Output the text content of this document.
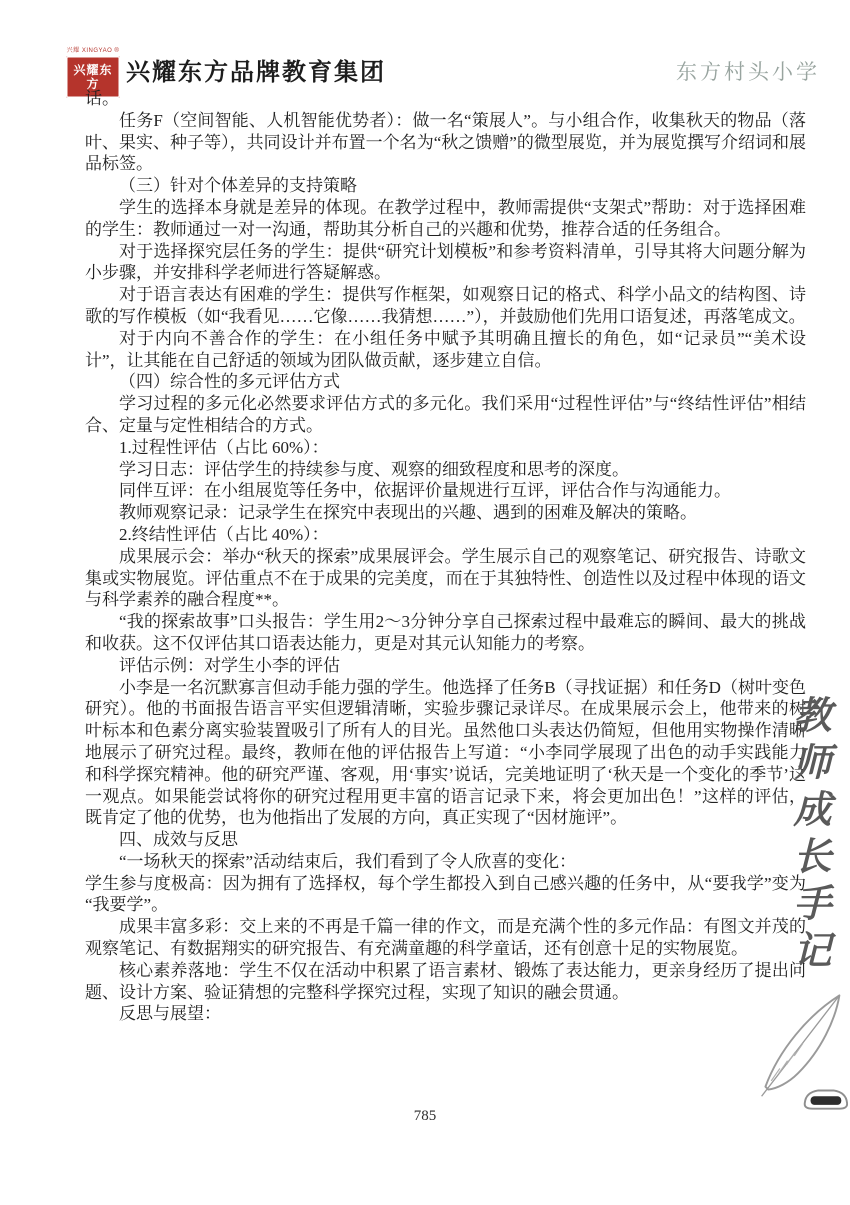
兴耀 XINGYAO ®
兴耀东方	兴耀东方品牌教育集团	东方村头小学

话。

任务F（空间智能、人机智能优势者）：做一名“策展人”。与小组合作，收集秋天的物品（落叶、果实、种子等），共同设计并布置一个名为“秋之馈赠”的微型展览，并为展览撰写介绍词和展品标签。

（三）针对个体差异的支持策略

学生的选择本身就是差异的体现。在教学过程中，教师需提供“支架式”帮助：对于选择困难的学生：教师通过一对一沟通，帮助其分析自己的兴趣和优势，推荐合适的任务组合。

对于选择探究层任务的学生：提供“研究计划模板”和参考资料清单，引导其将大问题分解为小步骤，并安排科学老师进行答疑解惑。

对于语言表达有困难的学生：提供写作框架，如观察日记的格式、科学小品文的结构图、诗歌的写作模板（如“我看见……它像……我猜想……”），并鼓励他们先用口语复述，再落笔成文。

对于内向不善合作的学生：在小组任务中赋予其明确且擅长的角色，如“记录员”“美术设计”，让其能在自己舒适的领域为团队做贡献，逐步建立自信。

（四）综合性的多元评估方式

学习过程的多元化必然要求评估方式的多元化。我们采用“过程性评估”与“终结性评估”相结合、定量与定性相结合的方式。

1.过程性评估（占比 60%）：

学习日志：评估学生的持续参与度、观察的细致程度和思考的深度。

同伴互评：在小组展览等任务中，依据评价量规进行互评，评估合作与沟通能力。

教师观察记录：记录学生在探究中表现出的兴趣、遇到的困难及解决的策略。

2.终结性评估（占比 40%）：

成果展示会：举办“秋天的探索”成果展评会。学生展示自己的观察笔记、研究报告、诗歌文集或实物展览。评估重点不在于成果的完美度，而在于其独特性、创造性以及过程中体现的语文与科学素养的融合程度**。

“我的探索故事”口头报告：学生用2～3分钟分享自己探索过程中最难忘的瞬间、最大的挑战和收获。这不仅评估其口语表达能力，更是对其元认知能力的考察。

评估示例：对学生小李的评估

小李是一名沉默寡言但动手能力强的学生。他选择了任务B（寻找证据）和任务D（树叶变色研究）。他的书面报告语言平实但逻辑清晰，实验步骤记录详尽。在成果展示会上，他带来的树叶标本和色素分离实验装置吸引了所有人的目光。虽然他口头表达仍简短，但他用实物操作清晰地展示了研究过程。最终，教师在他的评估报告上写道：“小李同学展现了出色的动手实践能力和科学探究精神。他的研究严谨、客观，用‘事实’说话，完美地证明了‘秋天是一个变化的季节’这一观点。如果能尝试将你的研究过程用更丰富的语言记录下来，将会更加出色！”这样的评估，既肯定了他的优势，也为他指出了发展的方向，真正实现了“因材施评”。

四、成效与反思

“一场秋天的探索”活动结束后，我们看到了令人欣喜的变化：

学生参与度极高：因为拥有了选择权，每个学生都投入到自己感兴趣的任务中，从“要我学”变为“我要学”。

成果丰富多彩：交上来的不再是千篇一律的作文，而是充满个性的多元作品：有图文并茂的观察笔记、有数据翔实的研究报告、有充满童趣的科学童话，还有创意十足的实物展览。

核心素养落地：学生不仅在活动中积累了语言素材、锻炼了表达能力，更亲身经历了提出问题、设计方案、验证猜想的完整科学探究过程，实现了知识的融会贯通。

反思与展望：

教师成长手记
785
